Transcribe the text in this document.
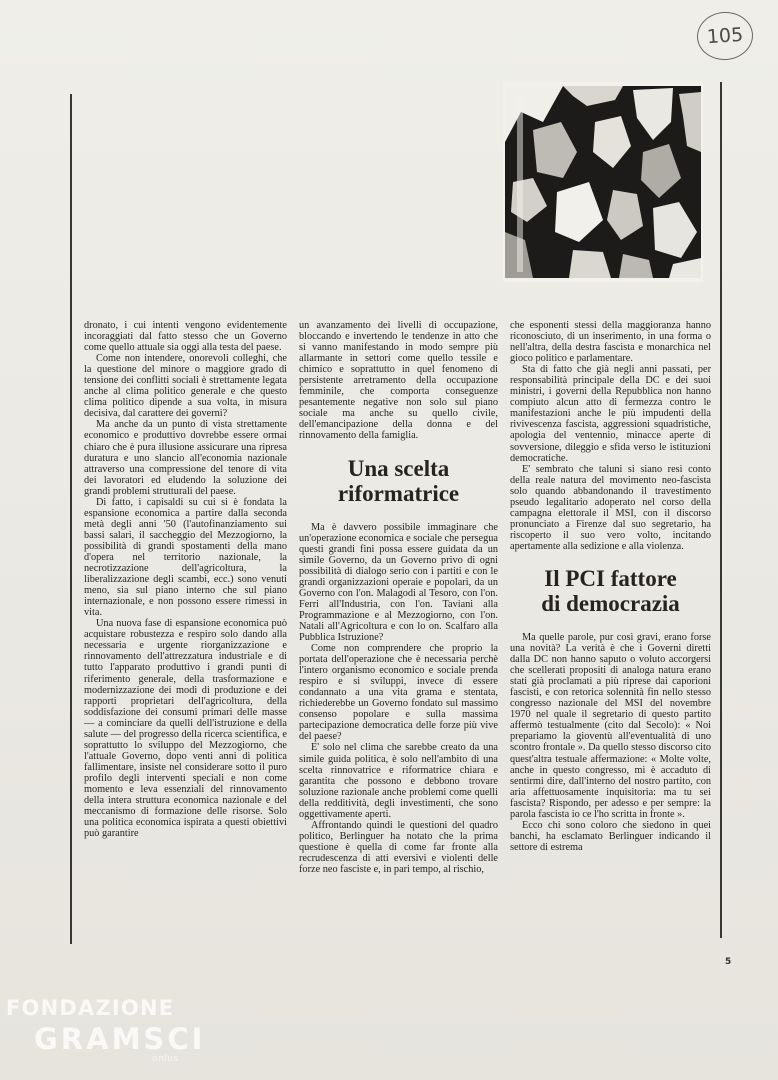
105

dronato, i cui intenti vengono evidentemente incoraggiati dal fatto stesso che un Governo come quello attuale sia oggi alla testa del paese.

Come non intendere, onorevoli colleghi, che la questione del minore o maggiore grado di tensione dei conflitti sociali è strettamente legata anche al clima politico generale e che questo clima politico dipende a sua volta, in misura decisiva, dal carattere dei governi?

Ma anche da un punto di vista strettamente economico e produttivo dovrebbe essere ormai chiaro che è pura illusione assicurare una ripresa duratura e uno slancio all'economia nazionale attraverso una compressione del tenore di vita dei lavoratori ed eludendo la soluzione dei grandi problemi strutturali del paese.

Di fatto, i capisaldi su cui si è fondata la espansione economica a partire dalla seconda metà degli anni '50 (l'autofinanziamento sui bassi salari, il saccheggio del Mezzogiorno, la possibilità di grandi spostamenti della mano d'opera nel territorio nazionale, la necrotizzazione dell'agricoltura, la liberalizzazione degli scambi, ecc.) sono venuti meno, sia sul piano interno che sul piano internazionale, e non possono essere rimessi in vita.

Una nuova fase di espansione economica può acquistare robustezza e respiro solo dando alla necessaria e urgente riorganizzazione e rinnovamento dell'attrezzatura industriale e di tutto l'apparato produttivo i grandi punti di riferimento generale, della trasformazione e modernizzazione dei modi di produzione e dei rapporti proprietari dell'agricoltura, della soddisfazione dei consumi primari delle masse — a cominciare da quelli dell'istruzione e della salute — del progresso della ricerca scientifica, e soprattutto lo sviluppo del Mezzogiorno, che l'attuale Governo, dopo venti anni di politica fallimentare, insiste nel considerare sotto il puro profilo degli interventi speciali e non come momento e leva essenziali del rinnovamento della intera struttura economica nazionale e del meccanismo di formazione delle risorse. Solo una politica economica ispirata a questi obiettivi può garantire

un avanzamento dei livelli di occupazione, bloccando e invertendo le tendenze in atto che si vanno manifestando in modo sempre più allarmante in settori come quello tessile e chimico e soprattutto in quel fenomeno di persistente arretramento della occupazione femminile, che comporta conseguenze pesantemente negative non solo sul piano sociale ma anche su quello civile, dell'emancipazione della donna e del rinnovamento della famiglia.

Una scelta
riformatrice

Ma è davvero possibile immaginare che un'operazione economica e sociale che persegua questi grandi fini possa essere guidata da un simile Governo, da un Governo privo di ogni possibilità di dialogo serio con i partiti e con le grandi organizzazioni operaie e popolari, da un Governo con l'on. Malagodi al Tesoro, con l'on. Ferri all'Industria, con l'on. Taviani alla Programmazione e al Mezzogiorno, con l'on. Natali all'Agricoltura e con lo on. Scalfaro alla Pubblica Istruzione?

Come non comprendere che proprio la portata dell'operazione che è necessaria perchè l'intero organismo economico e sociale prenda respiro e si sviluppi, invece di essere condannato a una vita grama e stentata, richiederebbe un Governo fondato sul massimo consenso popolare e sulla massima partecipazione democratica delle forze più vive del paese?

E' solo nel clima che sarebbe creato da una simile guida politica, è solo nell'ambito di una scelta rinnovatrice e riformatrice chiara e garantita che possono e debbono trovare soluzione razionale anche problemi come quelli della redditività, degli investimenti, che sono oggettivamente aperti.

Affrontando quindi le questioni del quadro politico, Berlinguer ha notato che la prima questione è quella di come far fronte alla recrudescenza di atti eversivi e violenti delle forze neo fasciste e, in pari tempo, al rischio,

che esponenti stessi della maggioranza hanno riconosciuto, di un inserimento, in una forma o nell'altra, della destra fascista e monarchica nel gioco politico e parlamentare.

Sta di fatto che già negli anni passati, per responsabilità principale della DC e dei suoi ministri, i governi della Repubblica non hanno compiuto alcun atto di fermezza contro le manifestazioni anche le più impudenti della rivivescenza fascista, aggressioni squadristiche, apologia del ventennio, minacce aperte di sovversione, dileggio e sfida verso le istituzioni democratiche.

E' sembrato che taluni si siano resi conto della reale natura del movimento neo-fascista solo quando abbandonando il travestimento pseudo legalitario adoperato nel corso della campagna elettorale il MSI, con il discorso pronunciato a Firenze dal suo segretario, ha riscoperto il suo vero volto, incitando apertamente alla sedizione e alla violenza.

Il PCI fattore
di democrazia

Ma quelle parole, pur così gravi, erano forse una novità? La verità è che i Governi diretti dalla DC non hanno saputo o voluto accorgersi che scellerati propositi di analoga natura erano stati già proclamati a più riprese dai caporioni fascisti, e con retorica solennità fin nello stesso congresso nazionale del MSI del novembre 1970 nel quale il segretario di questo partito affermò testualmente (cito dal Secolo): « Noi prepariamo la gioventù all'eventualità di uno scontro frontale ». Da quello stesso discorso cito quest'altra testuale affermazione: « Molte volte, anche in questo congresso, mi è accaduto di sentirmi dire, dall'interno del nostro partito, con aria affettuosamente inquisitoria: ma tu sei fascista? Rispondo, per adesso e per sempre: la parola fascista io ce l'ho scritta in fronte ».

Ecco chi sono coloro che siedono in quei banchi, ha esclamato Berlinguer indicando il settore di estrema

5
FONDAZIONE
GRAMSCI
onlus
